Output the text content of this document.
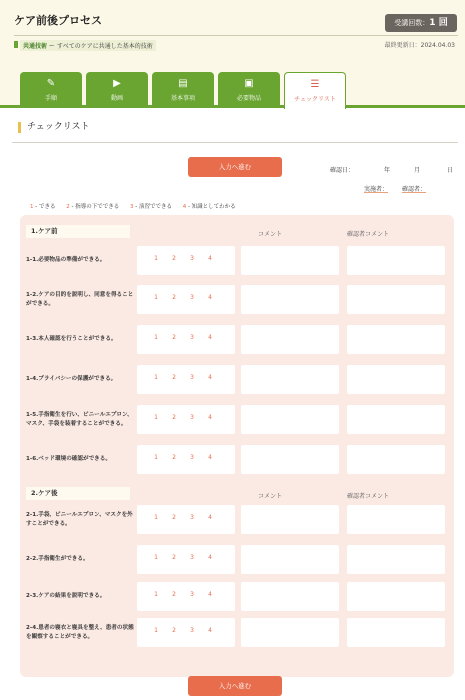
ケア前後プロセス	受講回数：1 回
共通技術 ー すべてのケアに共通した基本的技術	最終更新日：2024.04.03
✎
手順
▶
動画
▤
基本事項
▣
必要物品
☰
チェックリスト
チェックリスト
入力へ進む	確認日：	年	月	日
実施者： 確認者：
1 - できる 2 - 指導の下でできる 3 - 演習でできる 4 - 知識としてわかる
1.ケア前	コメント	確認者コメント
1-1.必要物品の準備ができる。	1	2	3	4
1-2.ケアの目的を説明し、同意を得ることができる。
1	2	3	4
1-3.本人確認を行うことができる。	1	2	3	4
1-4.プライバシーの保護ができる。	1	2	3	4
1-5.手指衛生を行い、ビニールエプロン、マスク、手袋を装着することができる。
1	2	3	4
1-6.ベッド環境の確認ができる。	1	2	3	4
2.ケア後	コメント	確認者コメント
2-1.手袋、ビニールエプロン、マスクを外すことができる。
1	2	3	4
2-2.手指衛生ができる。	1	2	3	4
2-3.ケアの結果を説明できる。	1	2	3	4
2-4.患者の寝衣と寝具を整え、患者の状態を観察することができる。
1	2	3	4
入力へ進む
